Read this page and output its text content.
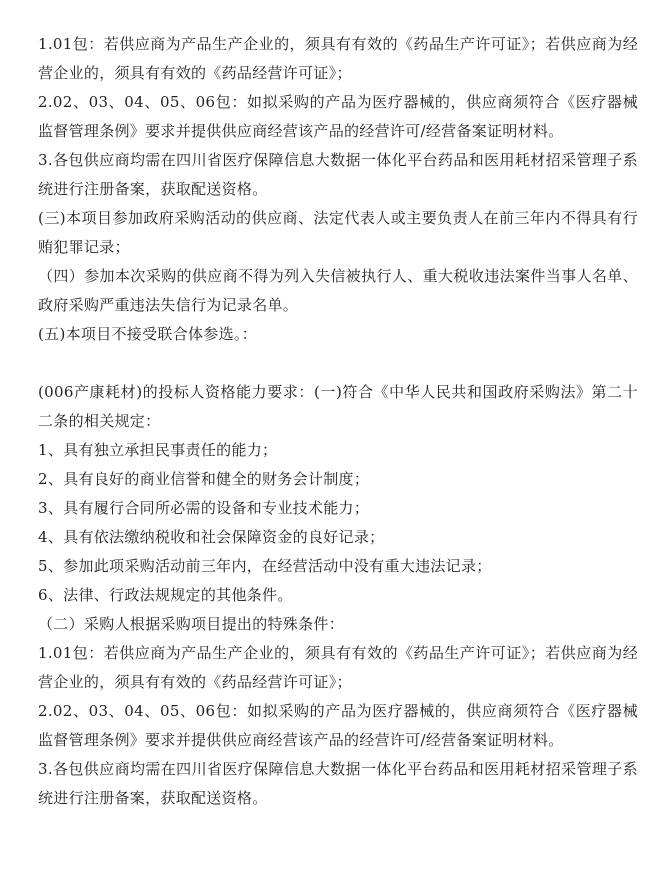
1.01包：若供应商为产品生产企业的，须具有有效的《药品生产许可证》；若供应商为经营企业的，须具有有效的《药品经营许可证》；

2.02、03、04、05、06包：如拟采购的产品为医疗器械的，供应商须符合《医疗器械监督管理条例》要求并提供供应商经营该产品的经营许可/经营备案证明材料。

3.各包供应商均需在四川省医疗保障信息大数据一体化平台药品和医用耗材招采管理子系统进行注册备案，获取配送资格。

(三)本项目参加政府采购活动的供应商、法定代表人或主要负责人在前三年内不得具有行贿犯罪记录；

（四）参加本次采购的供应商不得为列入失信被执行人、重大税收违法案件当事人名单、政府采购严重违法失信行为记录名单。

(五)本项目不接受联合体参选。：

(006产康耗材)的投标人资格能力要求：(一)符合《中华人民共和国政府采购法》第二十二条的相关规定：

1、具有独立承担民事责任的能力；

2、具有良好的商业信誉和健全的财务会计制度；

3、具有履行合同所必需的设备和专业技术能力；

4、具有依法缴纳税收和社会保障资金的良好记录；

5、参加此项采购活动前三年内，在经营活动中没有重大违法记录；

6、法律、行政法规规定的其他条件。

（二）采购人根据采购项目提出的特殊条件：

1.01包：若供应商为产品生产企业的，须具有有效的《药品生产许可证》；若供应商为经营企业的，须具有有效的《药品经营许可证》；

2.02、03、04、05、06包：如拟采购的产品为医疗器械的，供应商须符合《医疗器械监督管理条例》要求并提供供应商经营该产品的经营许可/经营备案证明材料。

3.各包供应商均需在四川省医疗保障信息大数据一体化平台药品和医用耗材招采管理子系统进行注册备案，获取配送资格。
